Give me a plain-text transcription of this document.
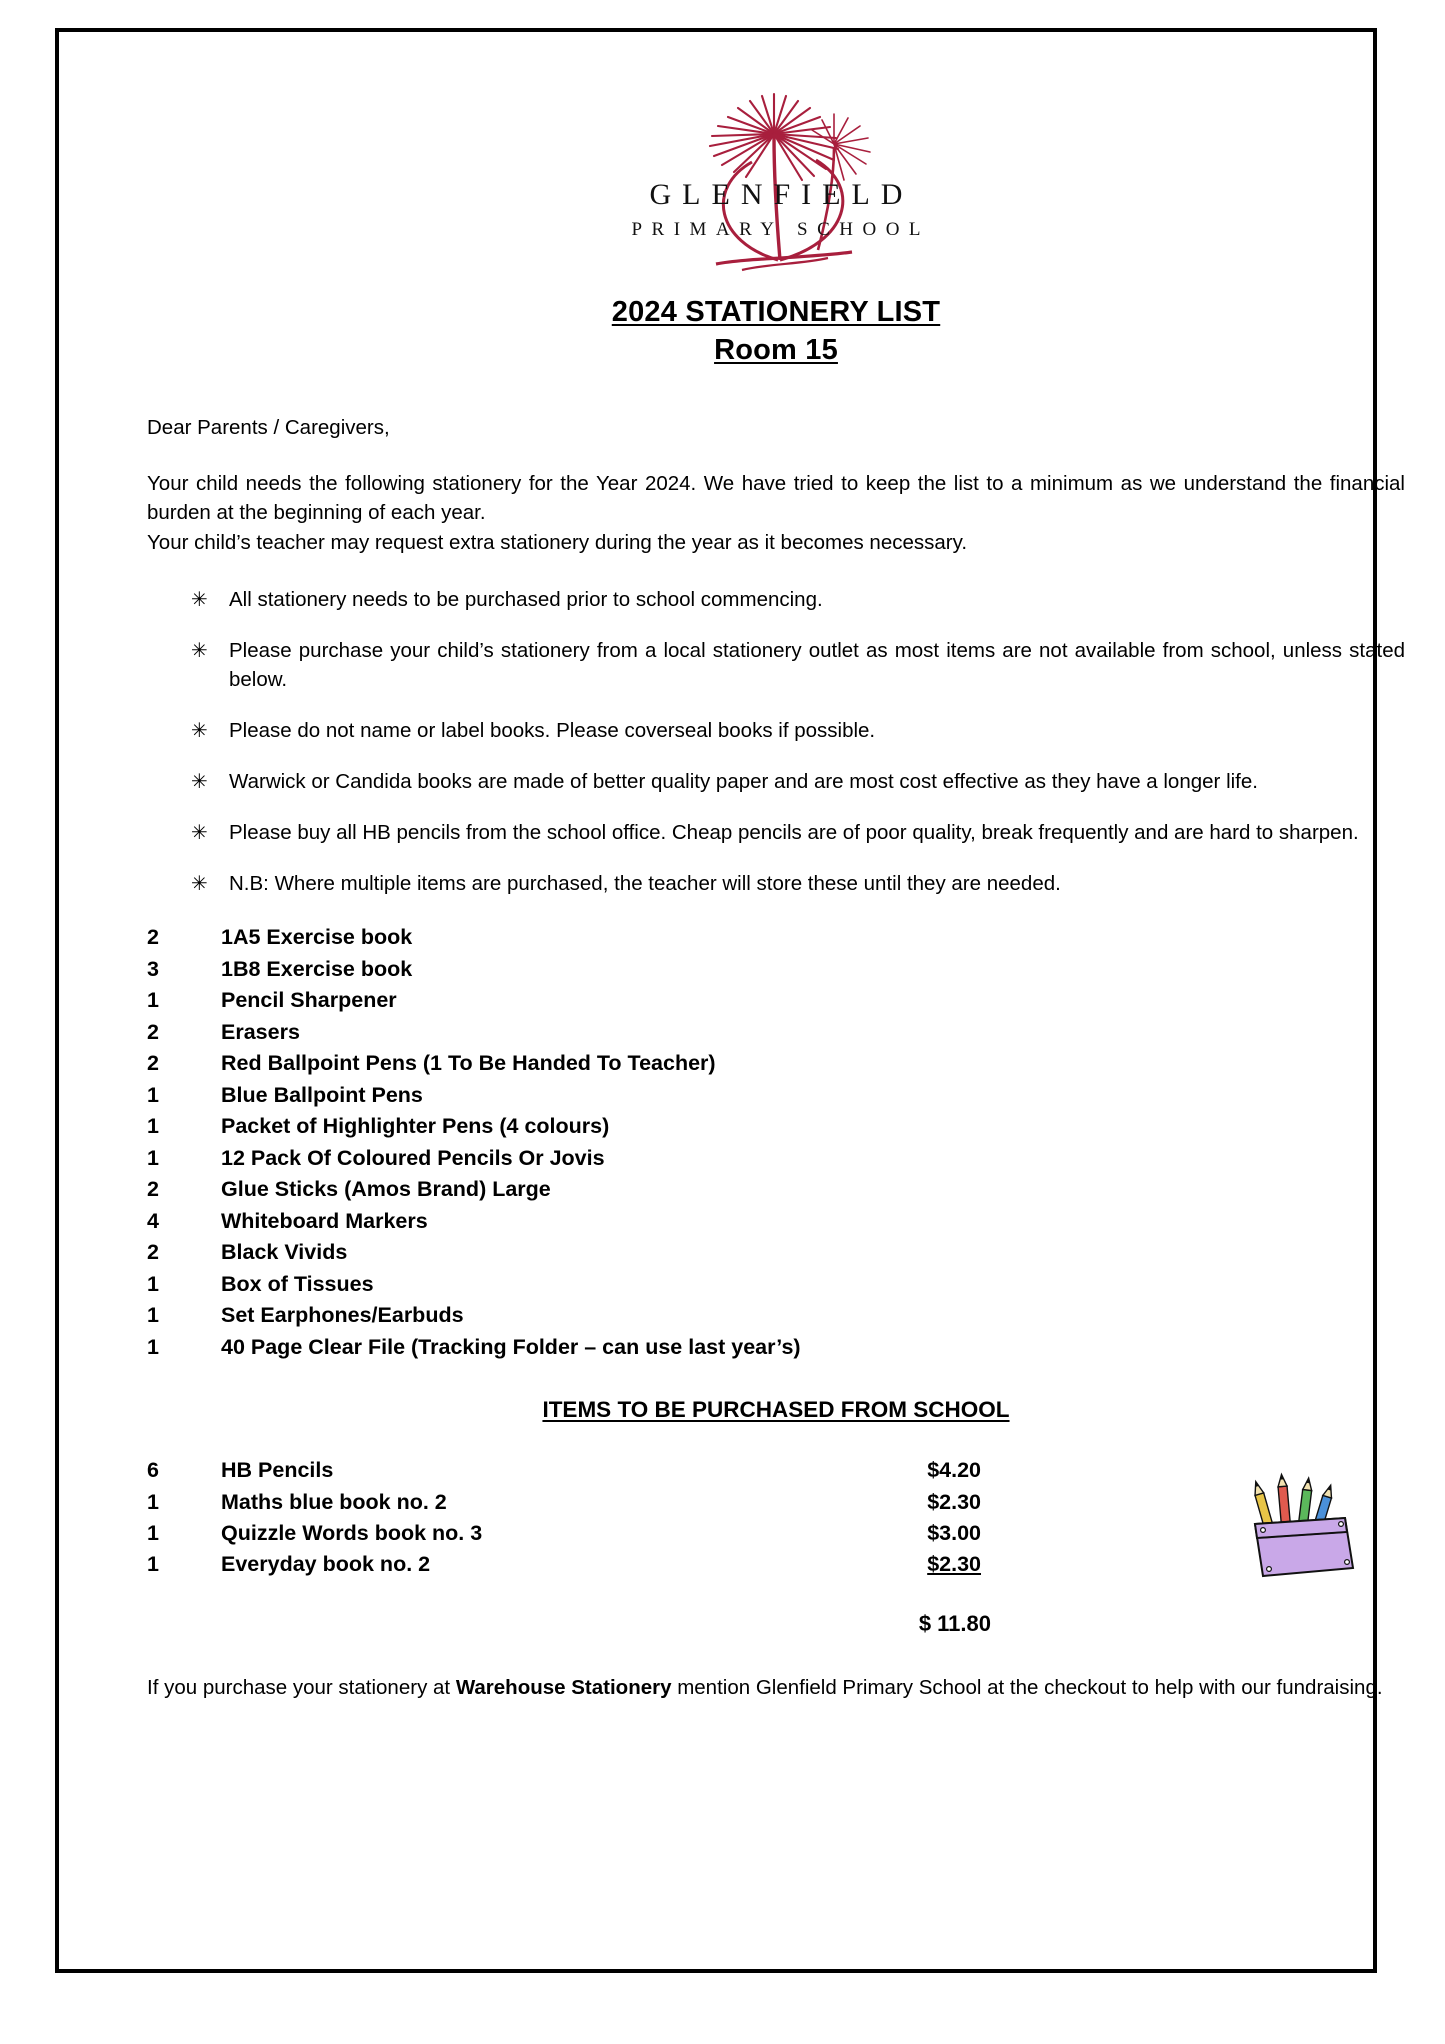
GLENFIELD
PRIMARY SCHOOL
2024 STATIONERY LIST
Room 15
Dear Parents / Caregivers,
Your child needs the following stationery for the Year 2024. We have tried to keep the list to a minimum as we understand the financial burden at the beginning of each year.
Your child’s teacher may request extra stationery during the year as it becomes necessary.
✳	All stationery needs to be purchased prior to school commencing.
✳	Please purchase your child’s stationery from a local stationery outlet as most items are not available from school, unless stated below.
✳	Please do not name or label books. Please coverseal books if possible.
✳	Warwick or Candida books are made of better quality paper and are most cost effective as they have a longer life.
✳	Please buy all HB pencils from the school office. Cheap pencils are of poor quality, break frequently and are hard to sharpen.
✳	N.B: Where multiple items are purchased, the teacher will store these until they are needed.
2	1A5 Exercise book
3	1B8 Exercise book
1	Pencil Sharpener
2	Erasers
2	Red Ballpoint Pens (1 To Be Handed To Teacher)
1	Blue Ballpoint Pens
1	Packet of Highlighter Pens (4 colours)
1	12 Pack Of Coloured Pencils Or Jovis
2	Glue Sticks (Amos Brand) Large
4	Whiteboard Markers
2	Black Vivids
1	Box of Tissues
1	Set Earphones/Earbuds
1	40 Page Clear File (Tracking Folder – can use last year’s)
ITEMS TO BE PURCHASED FROM SCHOOL
6	HB Pencils	$4.20
1	Maths blue book no. 2	$2.30
1	Quizzle Words book no. 3	$3.00
1	Everyday book no. 2	$2.30
$ 11.80
If you purchase your stationery at Warehouse Stationery mention Glenfield Primary School at the checkout to help with our fundraising.
